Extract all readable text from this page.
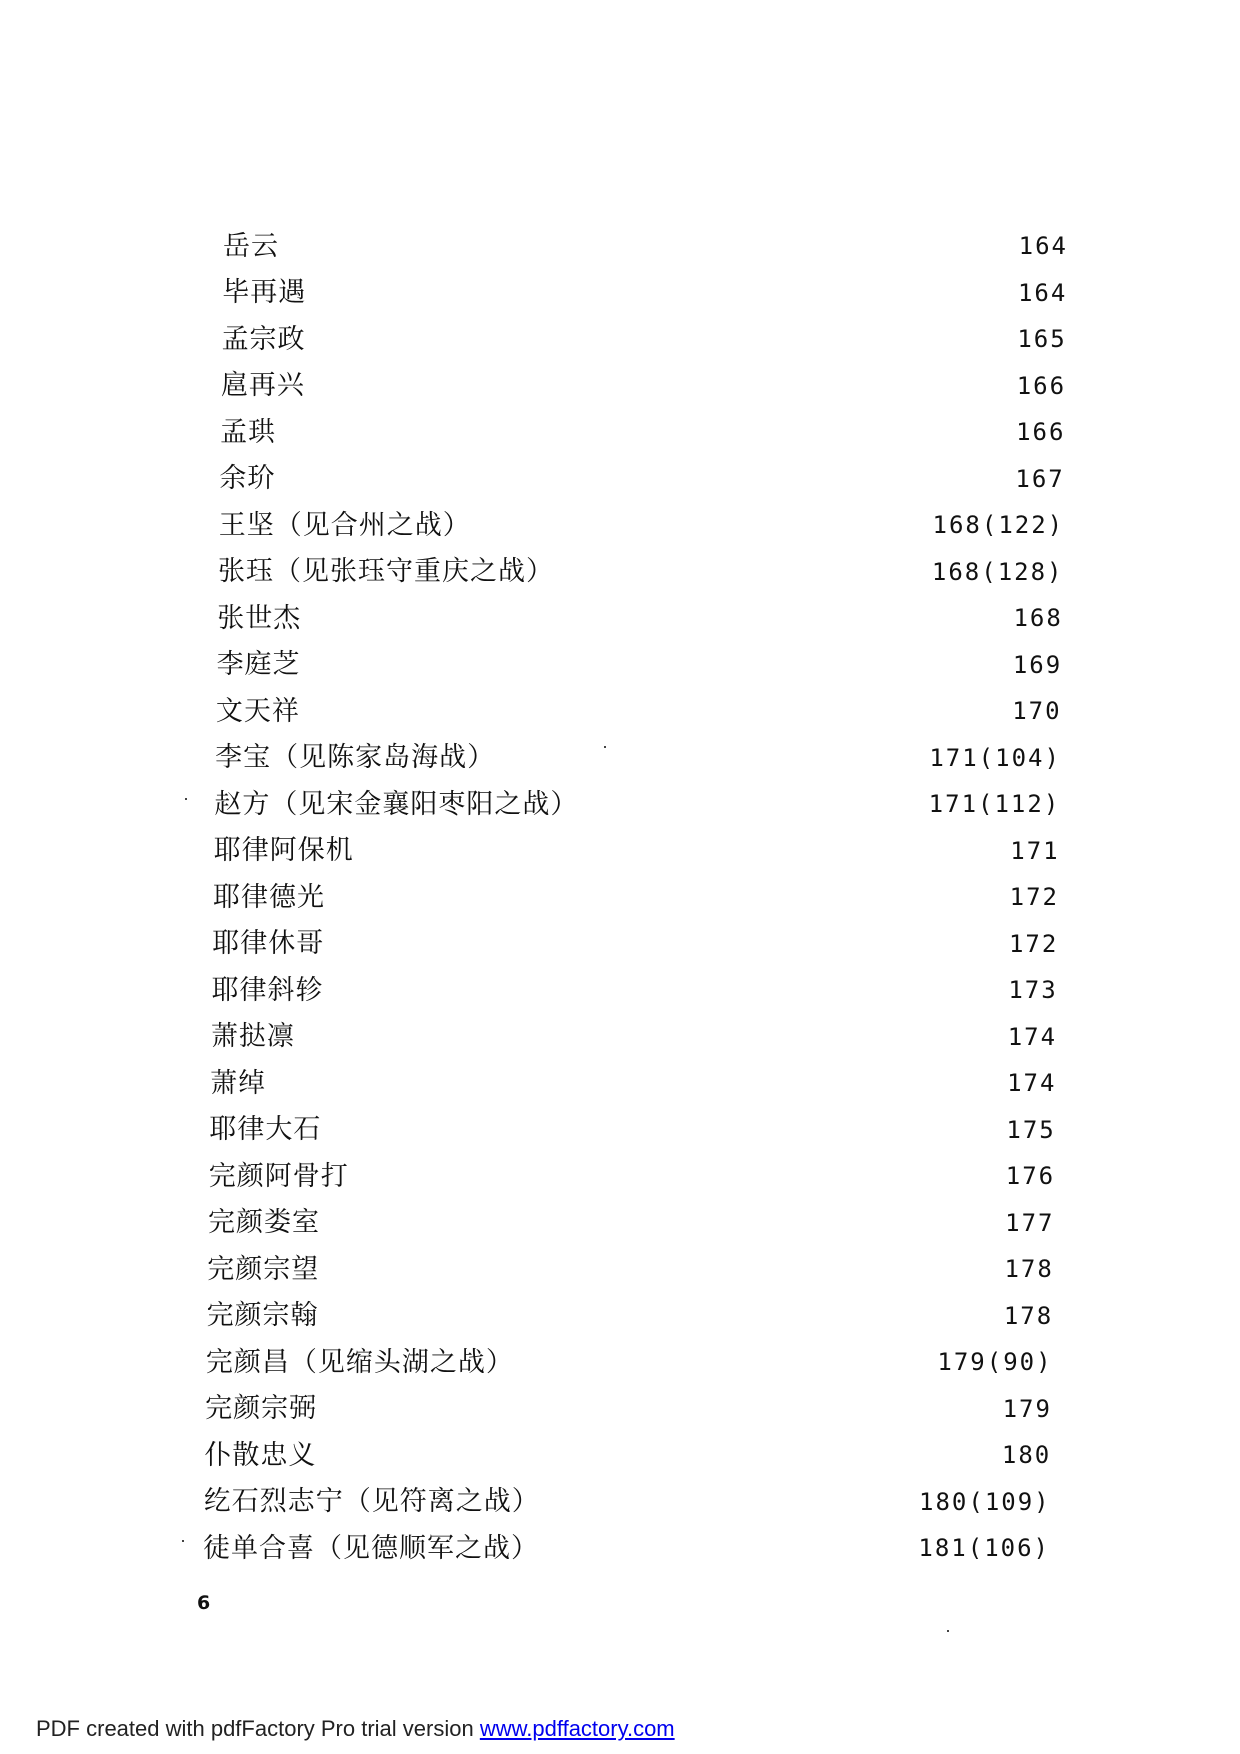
岳云	164
毕再遇	164
孟宗政	165
扈再兴	166
孟珙	166
余玠	167
王坚（见合州之战）	168(122)
张珏（见张珏守重庆之战）	168(128)
张世杰	168
李庭芝	169
文天祥	170
李宝（见陈家岛海战）	171(104)
赵方（见宋金襄阳枣阳之战）	171(112)
耶律阿保机	171
耶律德光	172
耶律休哥	172
耶律斜轸	173
萧挞凛	174
萧绰	174
耶律大石	175
完颜阿骨打	176
完颜娄室	177
完颜宗望	178
完颜宗翰	178
完颜昌（见缩头湖之战）	179(90)
完颜宗弼	179
仆散忠义	180
纥石烈志宁（见符离之战）	180(109)
徒单合喜（见德顺军之战）	181(106)
6
PDF created with pdfFactory Pro trial version www.pdffactory.com
